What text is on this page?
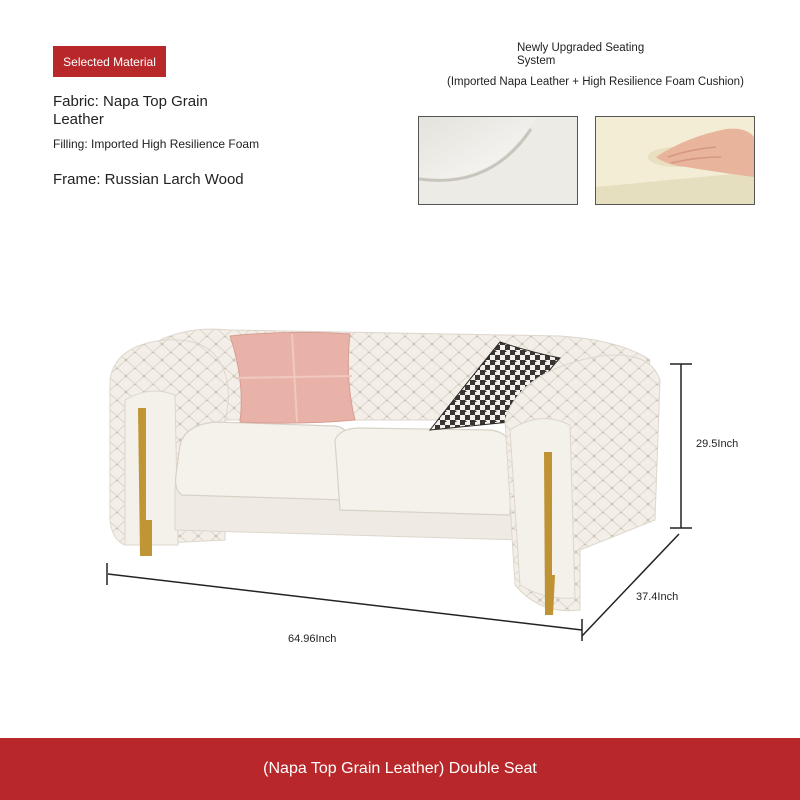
Selected Material
Fabric: Napa Top Grain Leather
Filling: Imported High Resilience Foam
Frame: Russian Larch Wood
Newly Upgraded Seating System
(Imported Napa Leather + High Resilience Foam Cushion)
64.96Inch
29.5Inch
37.4Inch
(Napa Top Grain Leather) Double Seat
